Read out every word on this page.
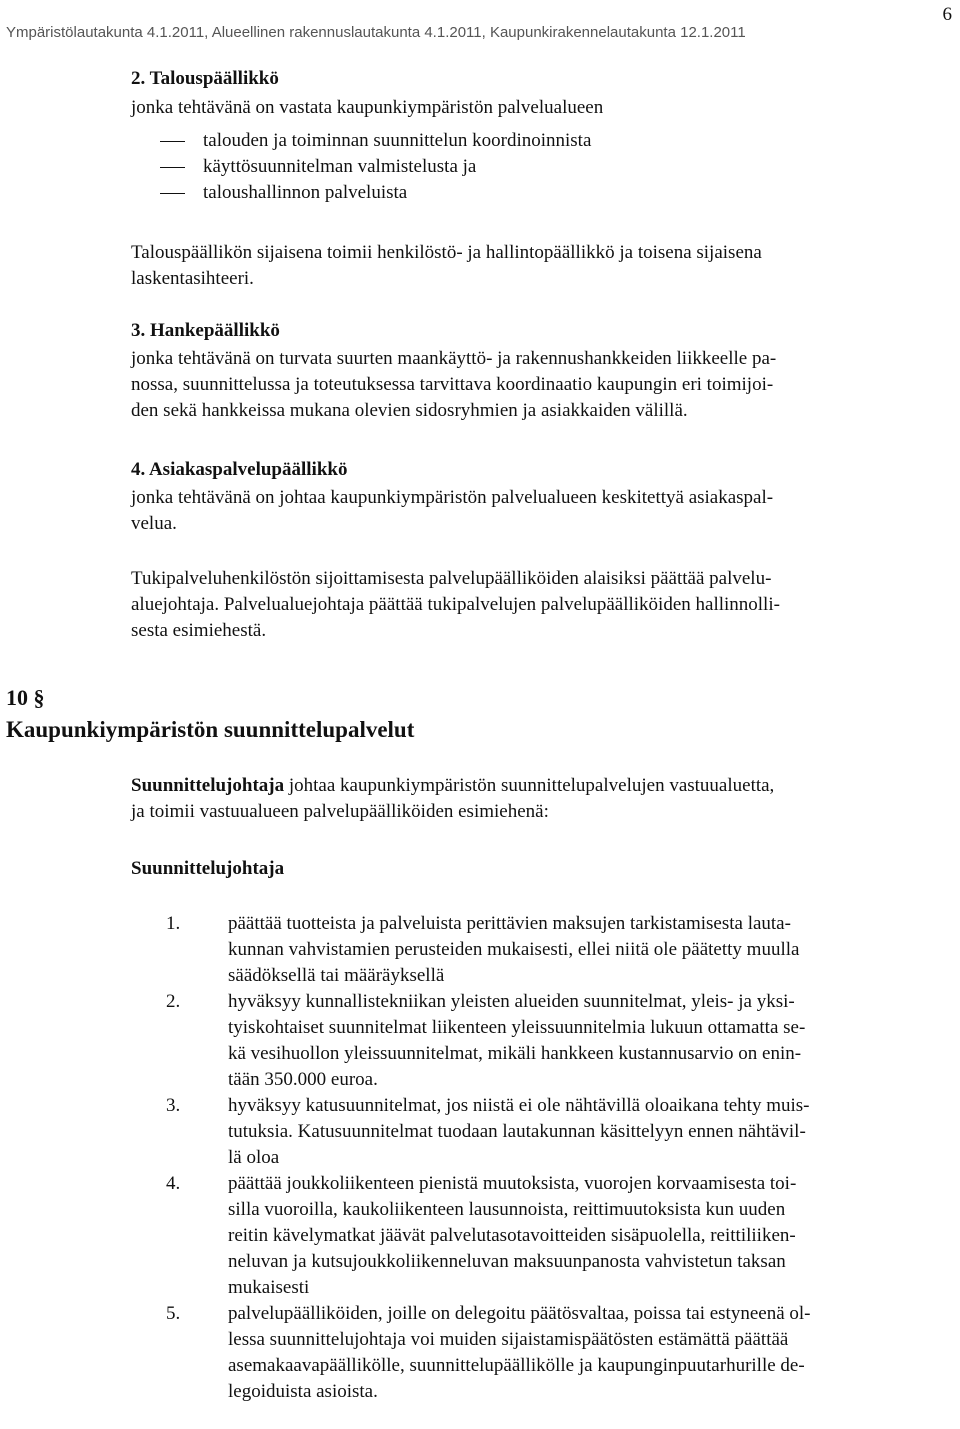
Ympäristölautakunta 4.1.2011, Alueellinen rakennuslautakunta 4.1.2011, Kaupunkirakennelautakunta 12.1.2011
6
2. Talouspäällikkö
jonka tehtävänä on vastata kaupunkiympäristön palvelualueen
talouden ja toiminnan suunnittelun koordinoinnista
käyttösuunnitelman valmistelusta ja
taloushallinnon palveluista
Talouspäällikön sijaisena toimii henkilöstö- ja hallintopäällikkö ja toisena sijaisena
laskentasihteeri.
3. Hankepäällikkö
jonka tehtävänä on turvata suurten maankäyttö- ja rakennushankkeiden liikkeelle pa-
nossa, suunnittelussa ja toteutuksessa tarvittava koordinaatio kaupungin eri toimijoi-
den sekä hankkeissa mukana olevien sidosryhmien ja asiakkaiden välillä.
4. Asiakaspalvelupäällikkö
jonka tehtävänä on johtaa kaupunkiympäristön palvelualueen keskitettyä asiakaspal-
velua.
Tukipalveluhenkilöstön sijoittamisesta palvelupäälliköiden alaisiksi päättää palvelu-
aluejohtaja. Palvelualuejohtaja päättää tukipalvelujen palvelupäälliköiden hallinnolli-
sesta esimiehestä.
10 §
Kaupunkiympäristön suunnittelupalvelut
Suunnittelujohtaja johtaa kaupunkiympäristön suunnittelupalvelujen vastuualuetta,
ja toimii vastuualueen palvelupäälliköiden esimiehenä:
Suunnittelujohtaja
1.	päättää tuotteista ja palveluista perittävien maksujen tarkistamisesta lauta-
kunnan vahvistamien perusteiden mukaisesti, ellei niitä ole päätetty muulla
säädöksellä tai määräyksellä
2.	hyväksyy kunnallistekniikan yleisten alueiden suunnitelmat, yleis- ja yksi-
tyiskohtaiset suunnitelmat liikenteen yleissuunnitelmia lukuun ottamatta se-
kä vesihuollon yleissuunnitelmat, mikäli hankkeen kustannusarvio on enin-
tään 350.000 euroa.
3.	hyväksyy katusuunnitelmat, jos niistä ei ole nähtävillä oloaikana tehty muis-
tutuksia. Katusuunnitelmat tuodaan lautakunnan käsittelyyn ennen nähtävil-
lä oloa
4.	päättää joukkoliikenteen pienistä muutoksista, vuorojen korvaamisesta toi-
silla vuoroilla, kaukoliikenteen lausunnoista, reittimuutoksista kun uuden
reitin kävelymatkat jäävät palvelutasotavoitteiden sisäpuolella, reittiliiken-
neluvan ja kutsujoukkoliikenneluvan maksuunpanosta vahvistetun taksan
mukaisesti
5.	palvelupäälliköiden, joille on delegoitu päätösvaltaa, poissa tai estyneenä ol-
lessa suunnittelujohtaja voi muiden sijaistamispäätösten estämättä päättää
asemakaavapäällikölle, suunnittelupäällikölle ja kaupunginpuutarhurille de-
legoiduista asioista.
